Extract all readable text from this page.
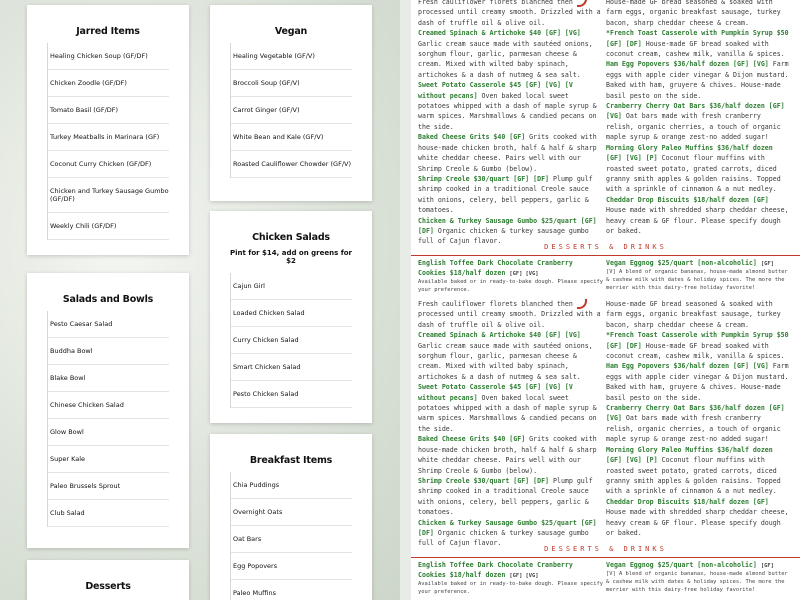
Jarred Items
Healing Chicken Soup (GF/DF)
Chicken Zoodle (GF/DF)
Tomato Basil (GF/DF)
Turkey Meatballs in Marinara (GF)
Coconut Curry Chicken (GF/DF)
Chicken and Turkey Sausage Gumbo (GF/DF)
Weekly Chili (GF/DF)
Vegan
Healing Vegetable (GF/V)
Broccoli Soup (GF/V)
Carrot Ginger (GF/V)
White Bean and Kale (GF/V)
Roasted Cauliflower Chowder (GF/V)
Salads and Bowls
Pesto Caesar Salad
Buddha Bowl
Blake Bowl
Chinese Chicken Salad
Glow Bowl
Super Kale
Paleo Brussels Sprout
Club Salad
Chicken Salads
Pint for $14, add on greens for $2
Cajun Girl
Loaded Chicken Salad
Curry Chicken Salad
Smart Chicken Salad
Pesto Chicken Salad
Breakfast Items
Chia Puddings
Overnight Oats
Oat Bars
Egg Popovers
Paleo Muffins
Desserts
Fresh cauliflower florets blanched then processed until creamy smooth. Drizzled with a dash of truffle oil & olive oil.
Creamed Spinach & Artichoke $40 [GF] [VG] Garlic cream sauce made with sautéed onions, sorghum flour, garlic, parmesan cheese & cream. Mixed with wilted baby spinach, artichokes & a dash of nutmeg & sea salt.
Sweet Potato Casserole $45 [GF] [VG] [V without pecans] Oven baked local sweet potatoes whipped with a dash of maple syrup & warm spices. Marshmallows & candied pecans on the side.
Baked Cheese Grits $40 [GF] Grits cooked with house-made chicken broth, half & half & sharp white cheddar cheese. Pairs well with our Shrimp Creole & Gumbo (below).
Shrimp Creole $30/quart [GF] [DF] Plump gulf shrimp cooked in a traditional Creole sauce with onions, celery, bell peppers, garlic & tomatoes.
Chicken & Turkey Sausage Gumbo $25/quart [GF] [DF] Organic chicken & turkey sausage gumbo full of Cajun flavor.
House-made GF bread seasoned & soaked with farm eggs, organic breakfast sausage, turkey bacon, sharp cheddar cheese & cream.
*French Toast Casserole with Pumpkin Syrup $50 [GF] [DF] House-made GF bread soaked with coconut cream, cashew milk, vanilla & spices.
Ham Egg Popovers $36/half dozen [GF] [VG] Farm eggs with apple cider vinegar & Dijon mustard. Baked with ham, gruyere & chives. House-made basil pesto on the side.
Cranberry Cherry Oat Bars $36/half dozen [GF] [VG] Oat bars made with fresh cranberry relish, organic cherries, a touch of organic maple syrup & orange zest-no added sugar!
Morning Glory Paleo Muffins $36/half dozen [GF] [VG] [P] Coconut flour muffins with roasted sweet potato, grated carrots, diced granny smith apples & golden raisins. Topped with a sprinkle of cinnamon & a nut medley.
Cheddar Drop Biscuits $18/half dozen [GF] House made with shredded sharp cheddar cheese, heavy cream & GF flour. Please specify dough or baked.
DESSERTS & DRINKS
English Toffee Dark Chocolate Cranberry Cookies $18/half dozen [GF] [VG]
Available baked or in ready-to-bake dough. Please specify your preference.
Vegan Eggnog $25/quart [non-alcoholic] [GF]
[V] A blend of organic bananas, house-made almond butter & cashew milk with dates & holiday spices. The more the merrier with this dairy-free holiday favorite!
Fresh cauliflower florets blanched then processed until creamy smooth. Drizzled with a dash of truffle oil & olive oil.
Creamed Spinach & Artichoke $40 [GF] [VG] Garlic cream sauce made with sautéed onions, sorghum flour, garlic, parmesan cheese & cream. Mixed with wilted baby spinach, artichokes & a dash of nutmeg & sea salt.
Sweet Potato Casserole $45 [GF] [VG] [V without pecans] Oven baked local sweet potatoes whipped with a dash of maple syrup & warm spices. Marshmallows & candied pecans on the side.
Baked Cheese Grits $40 [GF] Grits cooked with house-made chicken broth, half & half & sharp white cheddar cheese. Pairs well with our Shrimp Creole & Gumbo (below).
Shrimp Creole $30/quart [GF] [DF] Plump gulf shrimp cooked in a traditional Creole sauce with onions, celery, bell peppers, garlic & tomatoes.
Chicken & Turkey Sausage Gumbo $25/quart [GF] [DF] Organic chicken & turkey sausage gumbo full of Cajun flavor.
House-made GF bread seasoned & soaked with farm eggs, organic breakfast sausage, turkey bacon, sharp cheddar cheese & cream.
*French Toast Casserole with Pumpkin Syrup $50 [GF] [DF] House-made GF bread soaked with coconut cream, cashew milk, vanilla & spices.
Ham Egg Popovers $36/half dozen [GF] [VG] Farm eggs with apple cider vinegar & Dijon mustard. Baked with ham, gruyere & chives. House-made basil pesto on the side.
Cranberry Cherry Oat Bars $36/half dozen [GF] [VG] Oat bars made with fresh cranberry relish, organic cherries, a touch of organic maple syrup & orange zest-no added sugar!
Morning Glory Paleo Muffins $36/half dozen [GF] [VG] [P] Coconut flour muffins with roasted sweet potato, grated carrots, diced granny smith apples & golden raisins. Topped with a sprinkle of cinnamon & a nut medley.
Cheddar Drop Biscuits $18/half dozen [GF] House made with shredded sharp cheddar cheese, heavy cream & GF flour. Please specify dough or baked.
DESSERTS & DRINKS
English Toffee Dark Chocolate Cranberry Cookies $18/half dozen [GF] [VG]
Available baked or in ready-to-bake dough. Please specify your preference.
Vegan Eggnog $25/quart [non-alcoholic] [GF]
[V] A blend of organic bananas, house-made almond butter & cashew milk with dates & holiday spices. The more the merrier with this dairy-free holiday favorite!
